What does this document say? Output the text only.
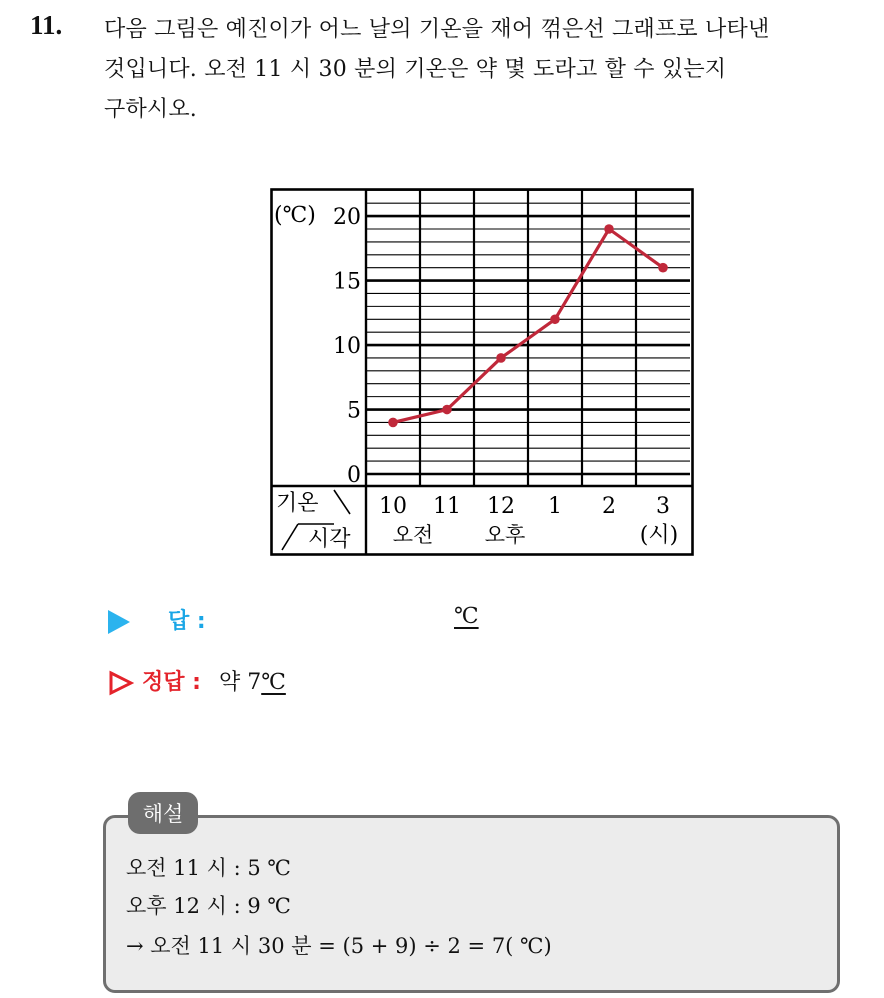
11. 다음 그림은 예진이가 어느 날의 기온을 재어 꺾은선 그래프로 나타낸
것입니다. 오전 11 시 30 분의 기온은 약 몇 도라고 할 수 있는지
구하시오.
0
5
10
15
20
10 11 12 1 2 3
(℃)
오전 오후	(시)
기온
시각
답 :	℃
정답 : 약 7℃
해설
오전 11 시 : 5 ℃
오후 12 시 : 9 ℃
→ 오전 11 시 30 분 = (5 + 9) ÷ 2 = 7( ℃)
